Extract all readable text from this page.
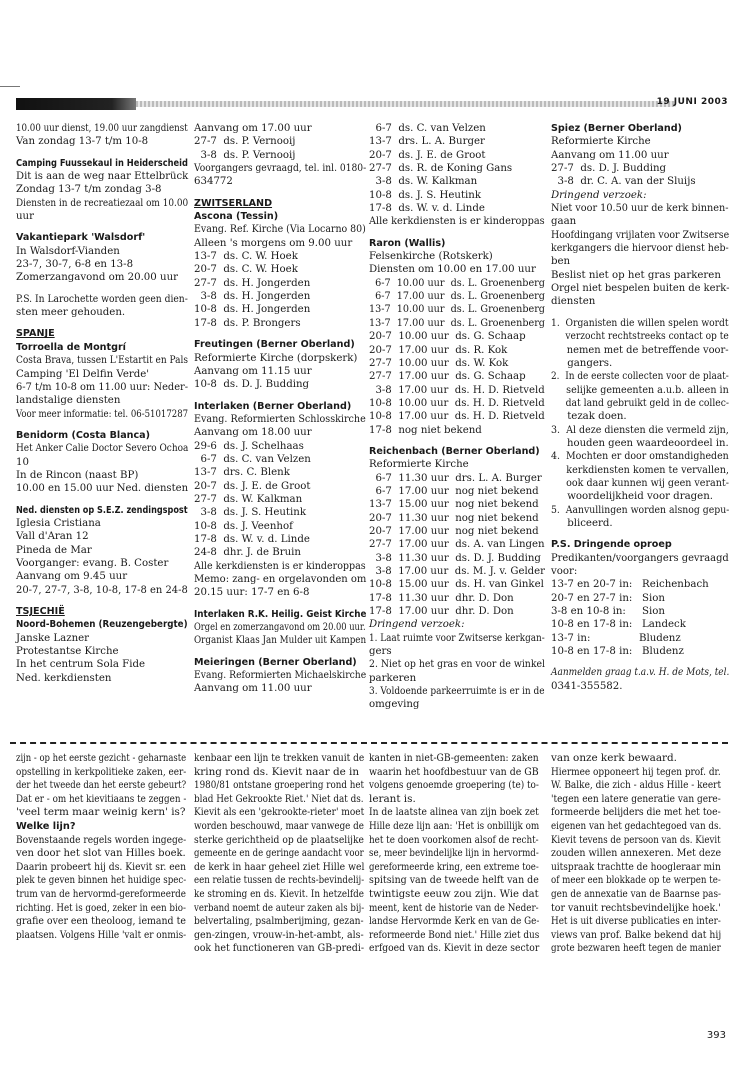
19 JUNI 2003
10.00 uur dienst, 19.00 uur zangdienst
Van zondag 13-7 t/m 10-8
Camping Fuussekaul in Heiderscheid
Dit is aan de weg naar Ettelbrück
Zondag 13-7 t/m zondag 3-8
Diensten in de recreatiezaal om 10.00
uur
Vakantiepark 'Walsdorf'
In Walsdorf-Vianden
23-7, 30-7, 6-8 en 13-8
Zomerzangavond om 20.00 uur
P.S. In Larochette worden geen dien-
sten meer gehouden.
SPANJE
Torroella de Montgrí
Costa Brava, tussen L'Estartit en Pals
Camping 'El Delfin Verde'
6-7 t/m 10-8 om 11.00 uur: Neder-
landstalige diensten
Voor meer informatie: tel. 06-51017287
Benidorm (Costa Blanca)
Het Anker Calie Doctor Severo Ochoa
10
In de Rincon (naast BP)
10.00 en 15.00 uur Ned. diensten
Ned. diensten op S.E.Z. zendingspost
Iglesia Cristiana
Vall d'Aran 12
Pineda de Mar
Voorganger: evang. B. Coster
Aanvang om 9.45 uur
20-7, 27-7, 3-8, 10-8, 17-8 en 24-8
TSJECHIË
Noord-Bohemen (Reuzengebergte)
Janske Lazner
Protestantse Kirche
In het centrum Sola Fide
Ned. kerkdiensten
Aanvang om 17.00 uur
27-7  ds. P. Vernooij
3-8  ds. P. Vernooij
Voorgangers gevraagd, tel. inl. 0180-
634772
ZWITSERLAND
Ascona (Tessin)
Evang. Ref. Kirche (Via Locarno 80)
Alleen 's morgens om 9.00 uur
13-7  ds. C. W. Hoek
20-7  ds. C. W. Hoek
27-7  ds. H. Jongerden
3-8  ds. H. Jongerden
10-8  ds. H. Jongerden
17-8  ds. P. Brongers
Freutingen (Berner Oberland)
Reformierte Kirche (dorpskerk)
Aanvang om 11.15 uur
10-8  ds. D. J. Budding
Interlaken (Berner Oberland)
Evang. Reformierten Schlosskirche
Aanvang om 18.00 uur
29-6  ds. J. Schelhaas
6-7  ds. C. van Velzen
13-7  drs. C. Blenk
20-7  ds. J. E. de Groot
27-7  ds. W. Kalkman
3-8  ds. J. S. Heutink
10-8  ds. J. Veenhof
17-8  ds. W. v. d. Linde
24-8  dhr. J. de Bruin
Alle kerkdiensten is er kinderoppas
Memo: zang- en orgelavonden om
20.15 uur: 17-7 en 6-8
Interlaken R.K. Heilig. Geist Kirche
Orgel en zomerzangavond om 20.00 uur.
Organist Klaas Jan Mulder uit Kampen
Meieringen (Berner Oberland)
Evang. Reformierten Michaelskirche
Aanvang om 11.00 uur
6-7  ds. C. van Velzen
13-7  drs. L. A. Burger
20-7  ds. J. E. de Groot
27-7  ds. R. de Koning Gans
3-8  ds. W. Kalkman
10-8  ds. J. S. Heutink
17-8  ds. W. v. d. Linde
Alle kerkdiensten is er kinderoppas
Raron (Wallis)
Felsenkirche (Rotskerk)
Diensten om 10.00 en 17.00 uur
6-7  10.00 uur  ds. L. Groenenberg
6-7  17.00 uur  ds. L. Groenenberg
13-7  10.00 uur  ds. L. Groenenberg
13-7  17.00 uur  ds. L. Groenenberg
20-7  10.00 uur  ds. G. Schaap
20-7  17.00 uur  ds. R. Kok
27-7  10.00 uur  ds. W. Kok
27-7  17.00 uur  ds. G. Schaap
3-8  17.00 uur  ds. H. D. Rietveld
10-8  10.00 uur  ds. H. D. Rietveld
10-8  17.00 uur  ds. H. D. Rietveld
17-8  nog niet bekend
Reichenbach (Berner Oberland)
Reformierte Kirche
6-7  11.30 uur  drs. L. A. Burger
6-7  17.00 uur  nog niet bekend
13-7  15.00 uur  nog niet bekend
20-7  11.30 uur  nog niet bekend
20-7  17.00 uur  nog niet bekend
27-7  17.00 uur  ds. A. van Lingen
3-8  11.30 uur  ds. D. J. Budding
3-8  17.00 uur  ds. M. J. v. Gelder
10-8  15.00 uur  ds. H. van Ginkel
17-8  11.30 uur  dhr. D. Don
17-8  17.00 uur  dhr. D. Don
Dringend verzoek:
1. Laat ruimte voor Zwitserse kerkgan-
gers
2. Niet op het gras en voor de winkel
parkeren
3. Voldoende parkeerruimte is er in de
omgeving
Spiez (Berner Oberland)
Reformierte Kirche
Aanvang om 11.00 uur
27-7  ds. D. J. Budding
3-8  dr. C. A. van der Sluijs
Dringend verzoek:
Niet voor 10.50 uur de kerk binnen-
gaan
Hoofdingang vrijlaten voor Zwitserse
kerkgangers die hiervoor dienst heb-
ben
Beslist niet op het gras parkeren
Orgel niet bespelen buiten de kerk-
diensten
1.  Organisten die willen spelen wordt
verzocht rechtstreeks contact op te
nemen met de betreffende voor-
gangers.
2.  In de eerste collecten voor de plaat-
selijke gemeenten a.u.b. alleen in
dat land gebruikt geld in de collec-
tezak doen.
3.  Al deze diensten die vermeld zijn,
houden geen waardeoordeel in.
4.  Mochten er door omstandigheden
kerkdiensten komen te vervallen,
ook daar kunnen wij geen verant-
woordelijkheid voor dragen.
5.  Aanvullingen worden alsnog gepu-
bliceerd.
P.S. Dringende oproep
Predikanten/voorgangers gevraagd
voor:
13-7 en 20-7 in:   Reichenbach
20-7 en 27-7 in:   Sion
3-8 en 10-8 in:     Sion
10-8 en 17-8 in:   Landeck
13-7 in:               Bludenz
10-8 en 17-8 in:   Bludenz
Aanmelden graag t.a.v. H. de Mots, tel.
0341-355582.
zijn - op het eerste gezicht - geharnaste
opstelling in kerkpolitieke zaken, eer-
der het tweede dan het eerste gebeurt?
Dat er - om het kievitiaans te zeggen -
'veel term maar weinig kern' is?
Welke lijn?
Bovenstaande regels worden ingege-
ven door het slot van Hilles boek.
Daarin probeert hij ds. Kievit sr. een
plek te geven binnen het huidige spec-
trum van de hervormd-gereformeerde
richting. Het is goed, zeker in een bio-
grafie over een theoloog, iemand te
plaatsen. Volgens Hille 'valt er onmis-
kenbaar een lijn te trekken vanuit de
kring rond ds. Kievit naar de in
1980/81 ontstane groepering rond het
blad Het Gekrookte Riet.' Niet dat ds.
Kievit als een 'gekrookte-rieter' moet
worden beschouwd, maar vanwege de
sterke gerichtheid op de plaatselijke
gemeente en de geringe aandacht voor
de kerk in haar geheel ziet Hille wel
een relatie tussen de rechts-bevindelij-
ke stroming en ds. Kievit. In hetzelfde
verband noemt de auteur zaken als bij-
belvertaling, psalmberijming, gezan-
gen-zingen, vrouw-in-het-ambt, als-
ook het functioneren van GB-predi-
kanten in niet-GB-gemeenten: zaken
waarin het hoofdbestuur van de GB
volgens genoemde groepering (te) to-
lerant is.
In de laatste alinea van zijn boek zet
Hille deze lijn aan: 'Het is onbillijk om
het te doen voorkomen alsof de recht-
se, meer bevindelijke lijn in hervormd-
gereformeerde kring, een extreme toe-
spitsing van de tweede helft van de
twintigste eeuw zou zijn. Wie dat
meent, kent de historie van de Neder-
landse Hervormde Kerk en van de Ge-
reformeerde Bond niet.' Hille ziet dus
erfgoed van ds. Kievit in deze sector
van onze kerk bewaard.
Hiermee opponeert hij tegen prof. dr.
W. Balke, die zich - aldus Hille - keert
'tegen een latere generatie van gere-
formeerde belijders die met het toe-
eigenen van het gedachtegoed van ds.
Kievit tevens de persoon van ds. Kievit
zouden willen annexeren. Met deze
uitspraak trachtte de hoogleraar min
of meer een blokkade op te werpen te-
gen de annexatie van de Baarnse pas-
tor vanuit rechtsbevindelijke hoek.'
Het is uit diverse publicaties en inter-
views van prof. Balke bekend dat hij
grote bezwaren heeft tegen de manier
393
